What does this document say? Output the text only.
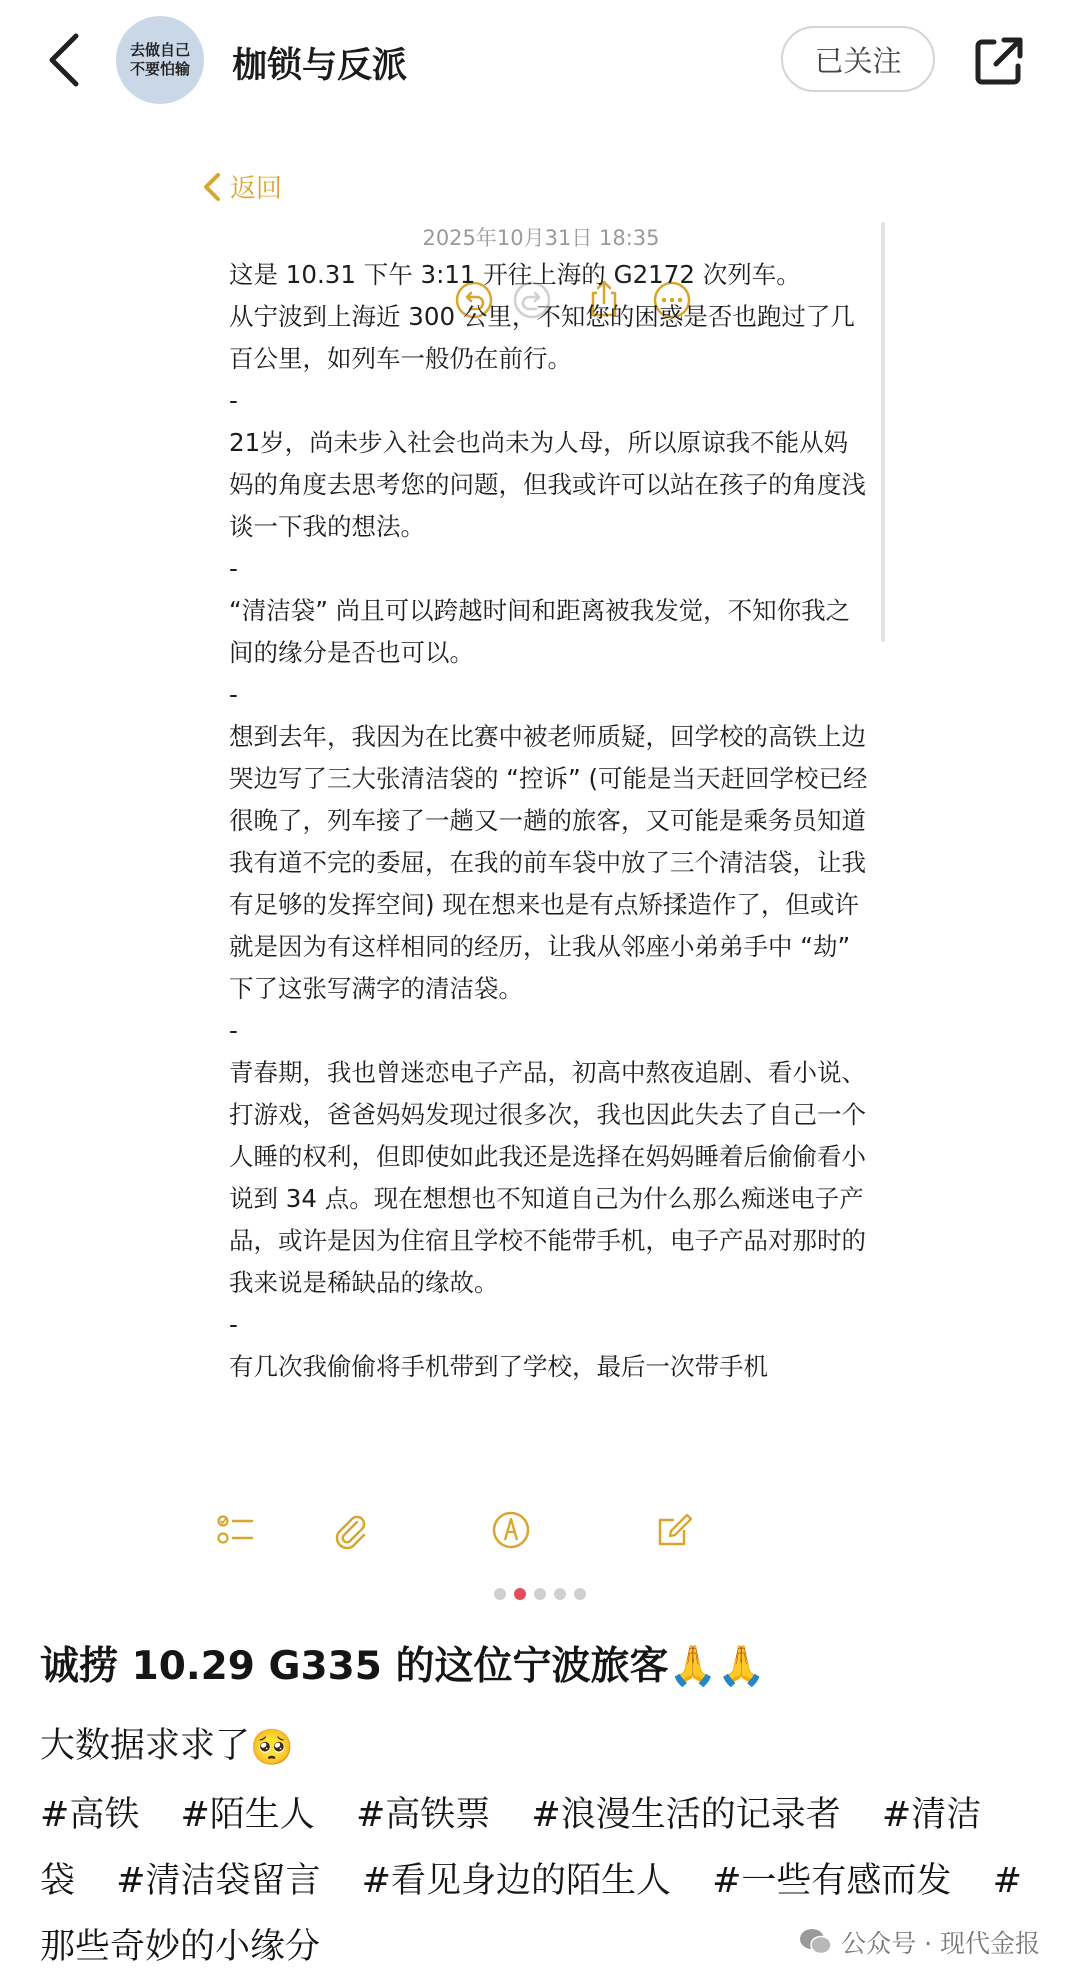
去做自己
不要怕输 枷锁与反派	已关注
返回
2025年10月31日 18:35

这是 10.31 下午 3:11 开往上海的 G2172 次列车。

从宁波到上海近 300 公里，不知您的困惑是否也跑过了几百公里，如列车一般仍在前行。

-

21岁，尚未步入社会也尚未为人母，所以原谅我不能从妈妈的角度去思考您的问题，但我或许可以站在孩子的角度浅谈一下我的想法。

-

“清洁袋” 尚且可以跨越时间和距离被我发觉，不知你我之间的缘分是否也可以。

-

想到去年，我因为在比赛中被老师质疑，回学校的高铁上边哭边写了三大张清洁袋的 “控诉” (可能是当天赶回学校已经很晚了，列车接了一趟又一趟的旅客，又可能是乘务员知道我有道不完的委屈，在我的前车袋中放了三个清洁袋，让我有足够的发挥空间) 现在想来也是有点矫揉造作了，但或许就是因为有这样相同的经历，让我从邻座小弟弟手中 “劫” 下了这张写满字的清洁袋。

-

青春期，我也曾迷恋电子产品，初高中熬夜追剧、看小说、打游戏，爸爸妈妈发现过很多次，我也因此失去了自己一个人睡的权利，但即使如此我还是选择在妈妈睡着后偷偷看小说到 34 点。现在想想也不知道自己为什么那么痴迷电子产品，或许是因为住宿且学校不能带手机，电子产品对那时的我来说是稀缺品的缘故。

-

有几次我偷偷将手机带到了学校，最后一次带手机

诚捞 10.29 G335 的这位宁波旅客🙏🙏
大数据求求了🥺
#高铁 #陌生人 #高铁票 #浪漫生活的记录者 #清洁袋 #清洁袋留言 #看见身边的陌生人 #一些有感而发 #那些奇妙的小缘分	公众号 · 现代金报
